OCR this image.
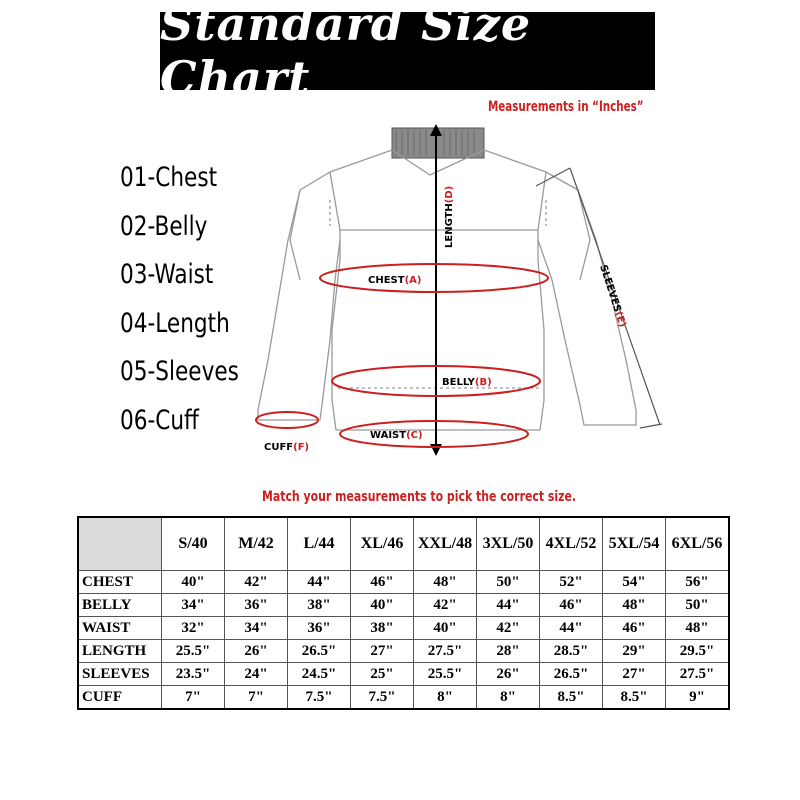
Standard Size Chart
Measurements in “Inches”
01-Chest
02-Belly
03-Waist
04-Length
05-Sleeves
06-Cuff
LENGTH(D)
CHEST(A)
BELLY(B)
WAIST(C)
CUFF(F)
SLEEVES(E)
Match your measurements to pick the correct size.
	S/40	M/42	L/44	XL/46	XXL/48	3XL/50	4XL/52	5XL/54	6XL/56
CHEST	40"	42"	44"	46"	48"	50"	52"	54"	56"
BELLY	34"	36"	38"	40"	42"	44"	46"	48"	50"
WAIST	32"	34"	36"	38"	40"	42"	44"	46"	48"
LENGTH	25.5"	26"	26.5"	27"	27.5"	28"	28.5"	29"	29.5"
SLEEVES	23.5"	24"	24.5"	25"	25.5"	26"	26.5"	27"	27.5"
CUFF	7"	7"	7.5"	7.5"	8"	8"	8.5"	8.5"	9"
